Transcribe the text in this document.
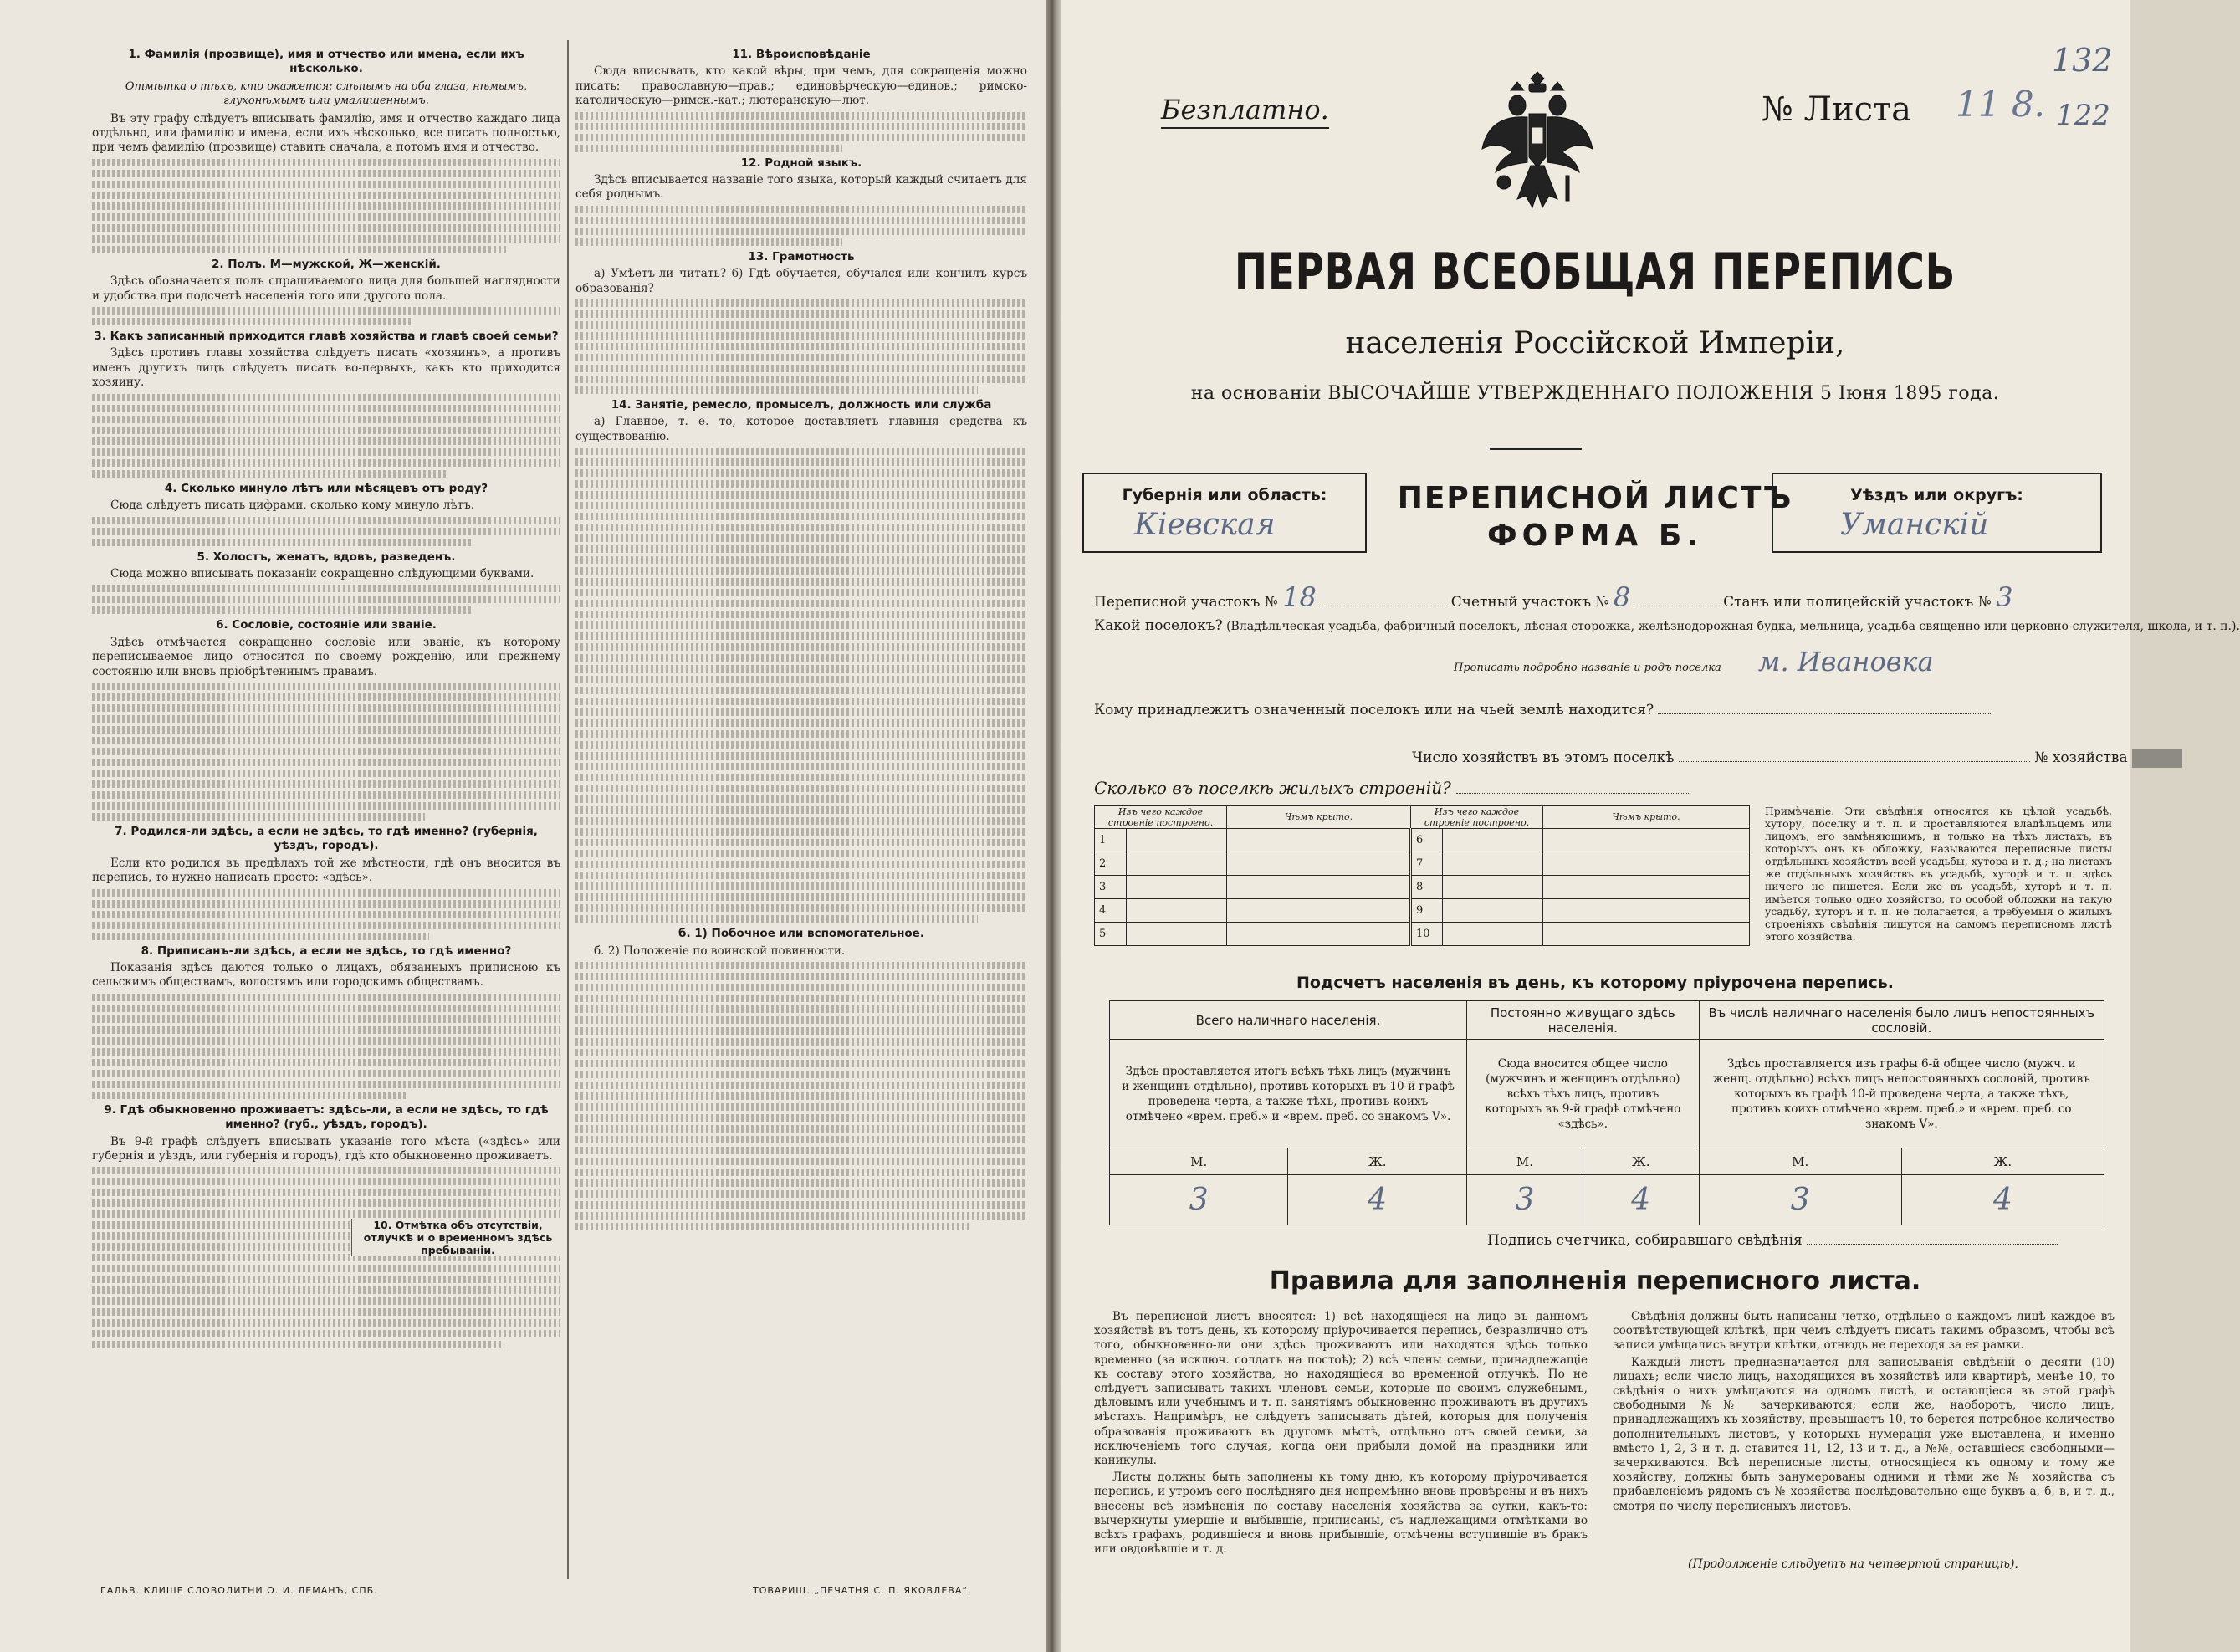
1. Фамилія (прозвище), имя и отчество или имена, если ихъ нѣсколько.
Отмѣтка о тѣхъ, кто окажется: слѣпымъ на оба глаза, нѣмымъ, глухонѣмымъ или умалишеннымъ.

Въ эту графу слѣдуетъ вписывать фамилію, имя и отчество каждаго лица отдѣльно, или фамилію и имена, если ихъ нѣсколько, все писать полностью, при чемъ фамилію (прозвище) ставить сначала, а потомъ имя и отчество.

2. Полъ. М—мужской, Ж—женскій.

Здѣсь обозначается полъ спрашиваемого лица для большей наглядности и удобства при подсчетѣ населенія того или другого пола.

3. Какъ записанный приходится главѣ хозяйства и главѣ своей семьи?

Здѣсь противъ главы хозяйства слѣдуетъ писать «хозяинъ», а противъ именъ другихъ лицъ слѣдуетъ писать во-первыхъ, какъ кто приходится хозяину.

4. Сколько минуло лѣтъ или мѣсяцевъ отъ роду?

Сюда слѣдуетъ писать цифрами, сколько кому минуло лѣтъ.

5. Холостъ, женатъ, вдовъ, разведенъ.

Сюда можно вписывать показаніи сокращенно слѣдующими буквами.

6. Сословіе, состояніе или званіе.

Здѣсь отмѣчается сокращенно сословіе или званіе, къ которому переписываемое лицо относится по своему рожденію, или прежнему состоянію или вновь пріобрѣтеннымъ правамъ.

7. Родился-ли здѣсь, а если не здѣсь, то гдѣ именно? (губернія, уѣздъ, городъ).

Если кто родился въ предѣлахъ той же мѣстности, гдѣ онъ вносится въ перепись, то нужно написать просто: «здѣсь».

8. Приписанъ-ли здѣсь, а если не здѣсь, то гдѣ именно?

Показанія здѣсь даются только о лицахъ, обязанныхъ приписною къ сельскимъ обществамъ, волостямъ или городскимъ обществамъ.

9. Гдѣ обыкновенно проживаетъ: здѣсь-ли, а если не здѣсь, то гдѣ именно? (губ., уѣздъ, городъ).

Въ 9-й графѣ слѣдуетъ вписывать указаніе того мѣста («здѣсь» или губернія и уѣздъ, или губернія и городъ), гдѣ кто обыкновенно проживаетъ.

11. Вѣроисповѣданіе

Сюда вписывать, кто какой вѣры, при чемъ, для сокращенія можно писать: православную—прав.; единовѣрческую—единов.; римско-католическую—римск.-кат.; лютеранскую—лют.

12. Родной языкъ.

Здѣсь вписывается названіе того языка, который каждый считаетъ для себя роднымъ.

13. Грамотность

а) Умѣетъ-ли читать? б) Гдѣ обучается, обучался или кончилъ курсъ образованія?

14. Занятіе, ремесло, промыселъ, должность или служба

а) Главное, т. е. то, которое доставляетъ главныя средства къ существованію.

б. 1) Побочное или вспомогательное.

б. 2) Положеніе по воинской повинности.

ГАЛЬВ. КЛИШЕ СЛОВОЛИТНИ О. И. ЛЕМАНЪ, СПБ.	ТОВАРИЩ. „ПЕЧАТНЯ С. П. ЯКОВЛЕВА“.
10. Отмѣтка объ отсутствіи, отлучкѣ и о временномъ здѣсь пребываніи.
Безплатно.	№ Листа 11 8.
132
122
ПЕРВАЯ ВСЕОБЩАЯ ПЕРЕПИСЬ
населенія Россійской Имперіи,
на основаніи ВЫСОЧАЙШЕ УТВЕРЖДЕННАГО ПОЛОЖЕНІЯ 5 Іюня 1895 года.
Губернія или область:
Кіевская
ПЕРЕПИСНОЙ ЛИСТЪ
ФОРМА Б.
Уѣздъ или округъ:
Уманскій
Переписной участокъ № 18	Счетный участокъ № 8	Станъ или полицейскій участокъ № 3
Какой поселокъ? (Владѣльческая усадьба, фабричный поселокъ, лѣсная сторожка, желѣзнодорожная будка, мельница, усадьба священно или церковно-служителя, школа, и т. п.).
Прописать подробно названіе и родъ поселка м. Ивановка
Кому принадлежитъ означенный поселокъ или на чьей землѣ находится?
Число хозяйствъ въ этомъ поселкѣ	№ хозяйства
Сколько въ поселкѣ жилыхъ строеній?
Изъ чего каждое строеніе построено.		Чѣмъ крыто.	Изъ чего каждое строеніе построено.		Чѣмъ крыто.
1			6		
2			7		
3			8		
4			9		
5			10		
Примѣчаніе. Эти свѣдѣнія относятся къ цѣлой усадьбѣ, хутору, поселку и т. п. и проставляются владѣльцемъ или лицомъ, его замѣняющимъ, и только на тѣхъ листахъ, въ которыхъ онъ къ обложку, называются переписные листы отдѣльныхъ хозяйствъ всей усадьбы, хутора и т. д.; на листахъ же отдѣльныхъ хозяйствъ въ усадьбѣ, хуторѣ и т. п. здѣсь ничего не пишется. Если же въ усадьбѣ, хуторѣ и т. п. имѣется только одно хозяйство, то особой обложки на такую усадьбу, хуторъ и т. п. не полагается, а требуемыя о жилыхъ строеніяхъ свѣдѣнія пишутся на самомъ переписномъ листѣ этого хозяйства.
Подсчетъ населенія въ день, къ которому пріурочена перепись.
Всего наличнаго населенія.		Постоянно живущаго здѣсь населенія.		Въ числѣ наличнаго населенія было лицъ непостоянныхъ сословій.	
Здѣсь проставляется итогъ всѣхъ тѣхъ лицъ (мужчинъ и женщинъ отдѣльно), противъ которыхъ въ 10-й графѣ проведена черта, а также тѣхъ, противъ коихъ отмѣчено «врем. преб.» и «врем. преб. со знакомъ V».		Сюда вносится общее число (мужчинъ и женщинъ отдѣльно) всѣхъ тѣхъ лицъ, противъ которыхъ въ 9-й графѣ отмѣчено «здѣсь».		Здѣсь проставляется изъ графы 6-й общее число (мужч. и женщ. отдѣльно) всѣхъ лицъ непостоянныхъ сословій, противъ которыхъ въ графѣ 10-й проведена черта, а также тѣхъ, противъ коихъ отмѣчено «врем. преб.» и «врем. преб. со знакомъ V».	
М.	Ж.	М.	Ж.	М.	Ж.
3	4	3	4	3	4
Подпись счетчика, собиравшаго свѣдѣнія
Правила для заполненія переписного листа.

Въ переписной листъ вносятся: 1) всѣ находящіеся на лицо въ данномъ хозяйствѣ въ тотъ день, къ которому пріурочивается перепись, безразлично отъ того, обыкновенно-ли они здѣсь проживаютъ или находятся здѣсь только временно (за исключ. солдатъ на постоѣ); 2) всѣ члены семьи, принадлежащіе къ составу этого хозяйства, но находящіеся во временной отлучкѣ. По не слѣдуетъ записывать такихъ членовъ семьи, которые по своимъ служебнымъ, дѣловымъ или учебнымъ и т. п. занятіямъ обыкновенно проживаютъ въ другихъ мѣстахъ. Напримѣръ, не слѣдуетъ записывать дѣтей, которыя для полученія образованія проживаютъ въ другомъ мѣстѣ, отдѣльно отъ своей семьи, за исключеніемъ того случая, когда они прибыли домой на праздники или каникулы.

Листы должны быть заполнены къ тому дню, къ которому пріурочивается перепись, и утромъ сего послѣдняго дня непремѣнно вновь провѣрены и въ нихъ внесены всѣ измѣненія по составу населенія хозяйства за сутки, какъ-то: вычеркнуты умершіе и выбывшіе, приписаны, съ надлежащими отмѣтками во всѣхъ графахъ, родившіеся и вновь прибывшіе, отмѣчены вступившіе въ бракъ или овдовѣвшіе и т. д.

Свѣдѣнія должны быть написаны четко, отдѣльно о каждомъ лицѣ каждое въ соотвѣтствующей клѣткѣ, при чемъ слѣдуетъ писать такимъ образомъ, чтобы всѣ записи умѣщались внутри клѣтки, отнюдь не переходя за ея рамки.

Каждый листъ предназначается для записыванія свѣдѣній о десяти (10) лицахъ; если число лицъ, находящихся въ хозяйствѣ или квартирѣ, менѣе 10, то свѣдѣнія о нихъ умѣщаются на одномъ листѣ, и остающіеся въ этой графѣ свободными №№ зачеркиваются; если же, наоборотъ, число лицъ, принадлежащихъ къ хозяйству, превышаетъ 10, то берется потребное количество дополнительныхъ листовъ, у которыхъ нумерація уже выставлена, и именно вмѣсто 1, 2, 3 и т. д. ставится 11, 12, 13 и т. д., а №№, оставшіеся свободными—зачеркиваются. Всѣ переписные листы, относящіеся къ одному и тому же хозяйству, должны быть занумерованы одними и тѣми же № хозяйства съ прибавленіемъ рядомъ съ № хозяйства послѣдовательно еще буквъ а, б, в, и т. д., смотря по числу переписныхъ листовъ.

(Продолженіе слѣдуетъ на четвертой страницѣ).
